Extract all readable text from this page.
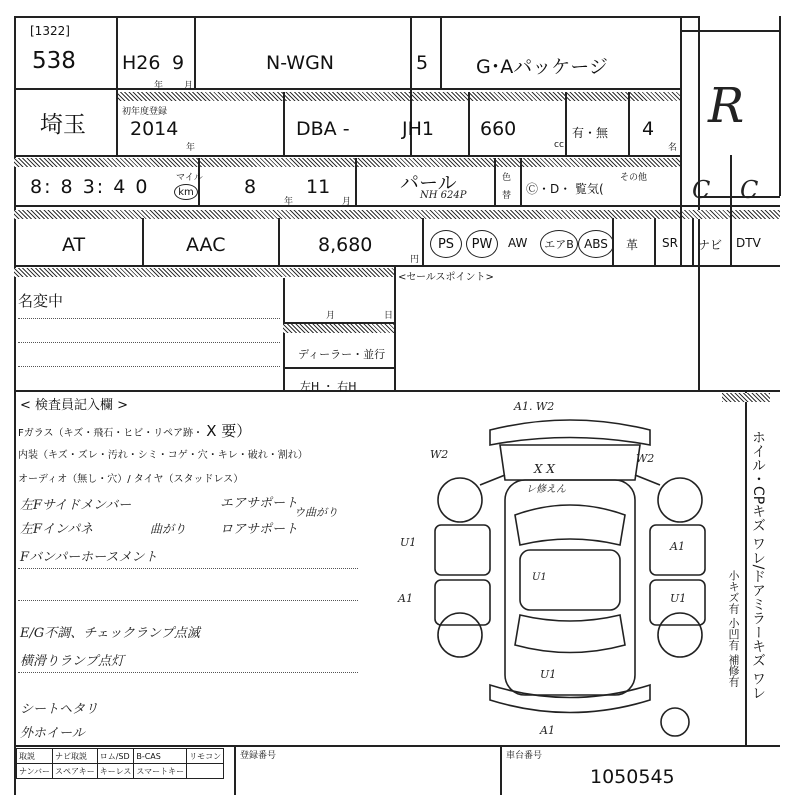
[1322]
538 H26 9
年 月
N-WGN	5	G･Aパッケージ
R
埼玉	初年度登録
2014
年
DBA -	JH1 660
cc
有・無 4
名
8: 8 3: 4 0	マイル
km	8
年
11
月
パール
NH 624P
色
替 Ⓒ・D・ 覧気(
その他 C C
AT	AAC	8,680
円
PS	PW	AW	エアB ABS	革 SR ナビ DTV
名変中
月	日
ディーラー・並行
左H ・ 右H
<セールスポイント>
< 検査員記入欄 >
Fガラス（キズ・飛石・ヒビ・リペア跡・ X 要）
内装（キズ・ズレ・汚れ・シミ・コゲ・穴・キレ・破れ・割れ）
オーディオ（無し・穴）/ タイヤ（スタッドレス）
左Fサイドメンバー
左Fインパネ
Fバンパーホースメント
エアサポート
ロアサポート
曲がり
ウ曲がり
E/G不調、チェックランプ点滅
横滑りランプ点灯
シートヘタリ
外ホイール
A1. W2
W2	W2
X X
レ修えん
U1	A1
U1
A1
U1
U1
A1
ホイル・CPキズ ワレ/ドアミラーキズ ワレ
小キズ有 小凹有 補修有
取説	ナビ取説	ロム/SD	B-CAS	リモコン
ナンバー	スペアキー	キーレス	スマートキー	
登録番号	車台番号
1050545
